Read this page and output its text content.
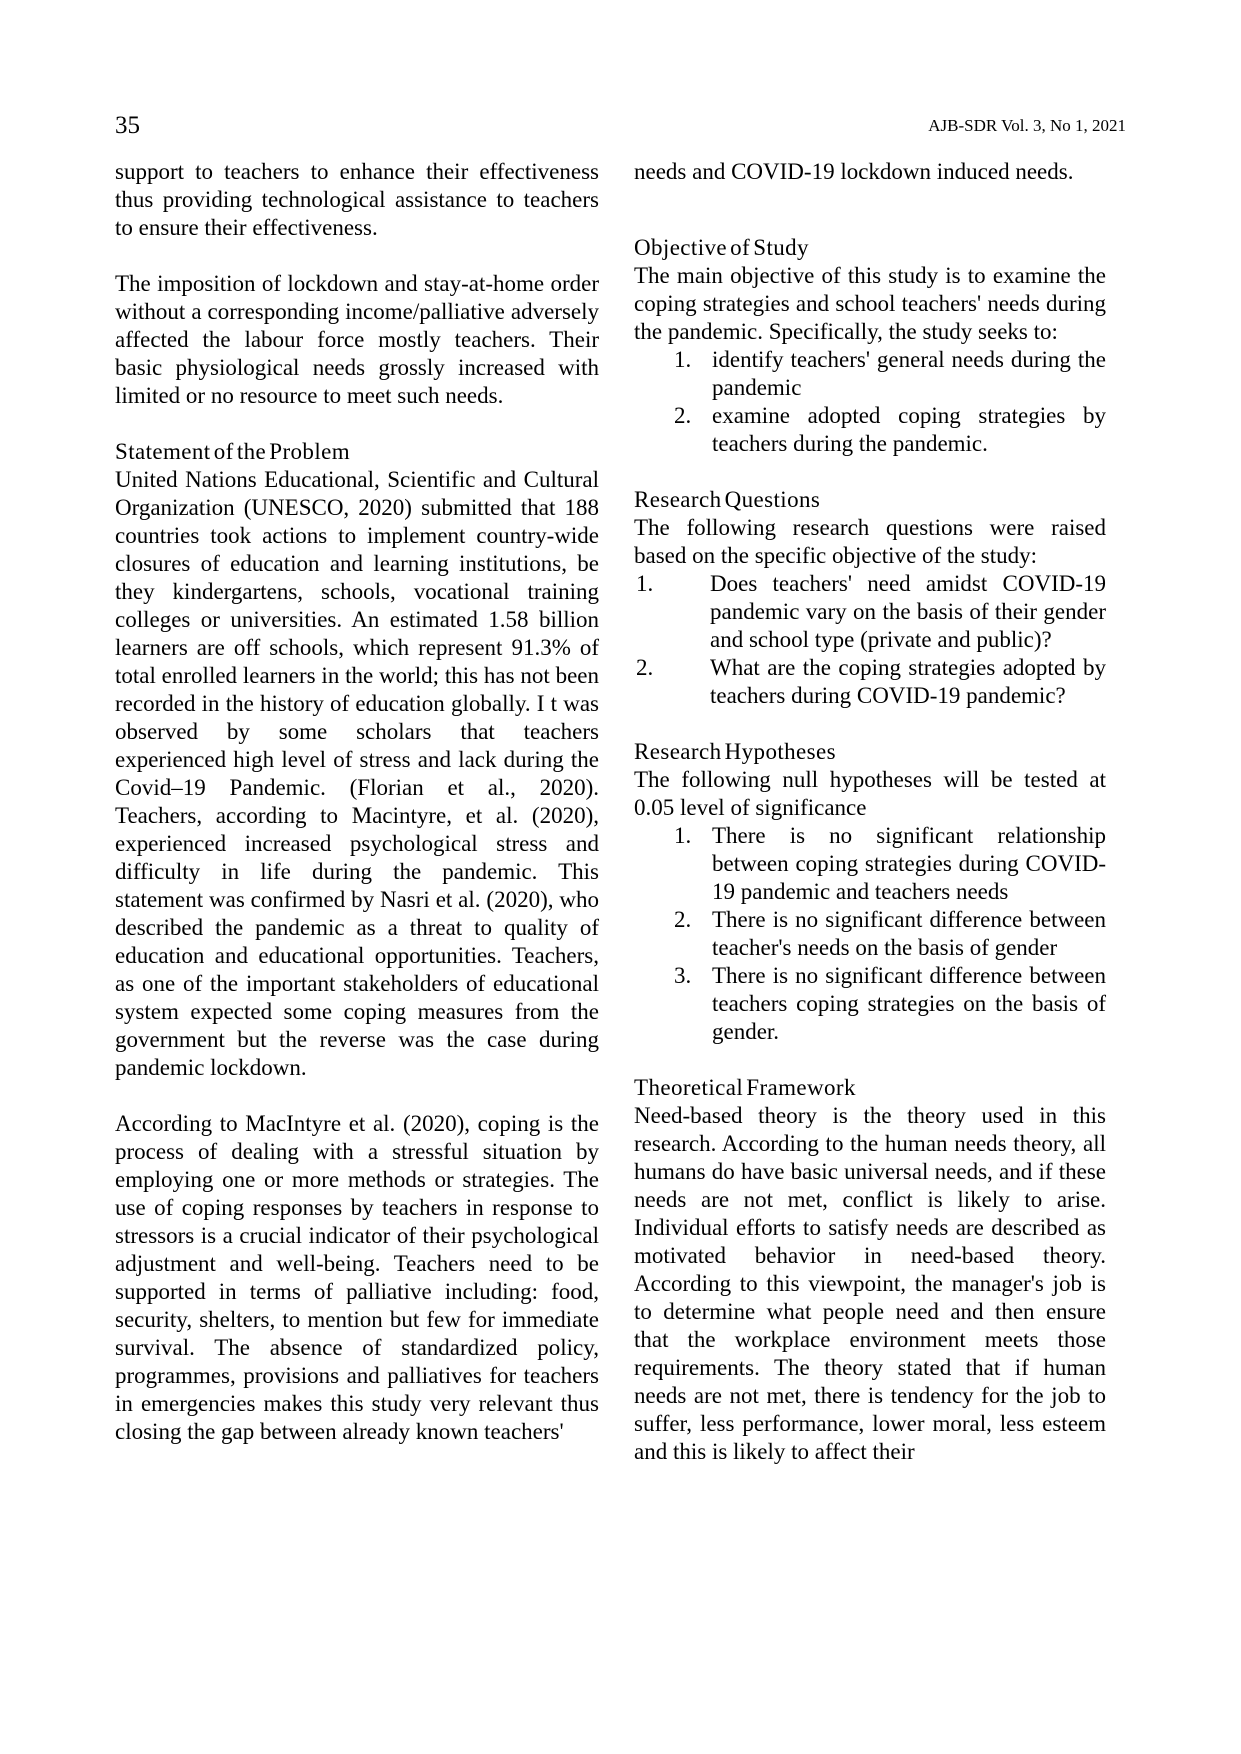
35	AJB-SDR Vol. 3, No 1, 2021

support to teachers to enhance their effectiveness thus providing technological assistance to teachers to ensure their effectiveness.

The imposition of lockdown and stay-at-home order without a corresponding income/palliative adversely affected the labour force mostly teachers. Their basic physiological needs grossly increased with limited or no resource to meet such needs.

Statement of the Problem

United Nations Educational, Scientific and Cultural Organization (UNESCO, 2020) submitted that 188 countries took actions to implement country-wide closures of education and learning institutions, be they kindergartens, schools, vocational training colleges or universities. An estimated 1.58 billion learners are off schools, which represent 91.3% of total enrolled learners in the world; this has not been recorded in the history of education globally. I t was observed by some scholars that teachers experienced high level of stress and lack during the Covid–19 Pandemic. (Florian et al., 2020). Teachers, according to Macintyre, et al. (2020), experienced increased psychological stress and difficulty in life during the pandemic. This statement was confirmed by Nasri et al. (2020), who described the pandemic as a threat to quality of education and educational opportunities. Teachers, as one of the important stakeholders of educational system expected some coping measures from the government but the reverse was the case during pandemic lockdown.

According to MacIntyre et al. (2020), coping is the process of dealing with a stressful situation by employing one or more methods or strategies. The use of coping responses by teachers in response to stressors is a crucial indicator of their psychological adjustment and well-being. Teachers need to be supported in terms of palliative including: food, security, shelters, to mention but few for immediate survival. The absence of standardized policy, programmes, provisions and palliatives for teachers in emergencies makes this study very relevant thus closing the gap between already known teachers'

needs and COVID-19 lockdown induced needs.

Objective of Study

The main objective of this study is to examine the coping strategies and school teachers' needs during the pandemic. Specifically, the study seeks to:

1. identify teachers' general needs during the pandemic
2. examine adopted coping strategies by teachers during the pandemic.
Research Questions

The following research questions were raised based on the specific objective of the study:

1. Does teachers' need amidst COVID-19 pandemic vary on the basis of their gender and school type (private and public)?
2. What are the coping strategies adopted by teachers during COVID-19 pandemic?
Research Hypotheses

The following null hypotheses will be tested at 0.05 level of significance

1. There is no significant relationship between coping strategies during COVID-19 pandemic and teachers needs
2. There is no significant difference between teacher's needs on the basis of gender
3. There is no significant difference between teachers coping strategies on the basis of gender.
Theoretical Framework

Need-based theory is the theory used in this research. According to the human needs theory, all humans do have basic universal needs, and if these needs are not met, conflict is likely to arise. Individual efforts to satisfy needs are described as motivated behavior in need-based theory. According to this viewpoint, the manager's job is to determine what people need and then ensure that the workplace environment meets those requirements. The theory stated that if human needs are not met, there is tendency for the job to suffer, less performance, lower moral, less esteem and this is likely to affect their
